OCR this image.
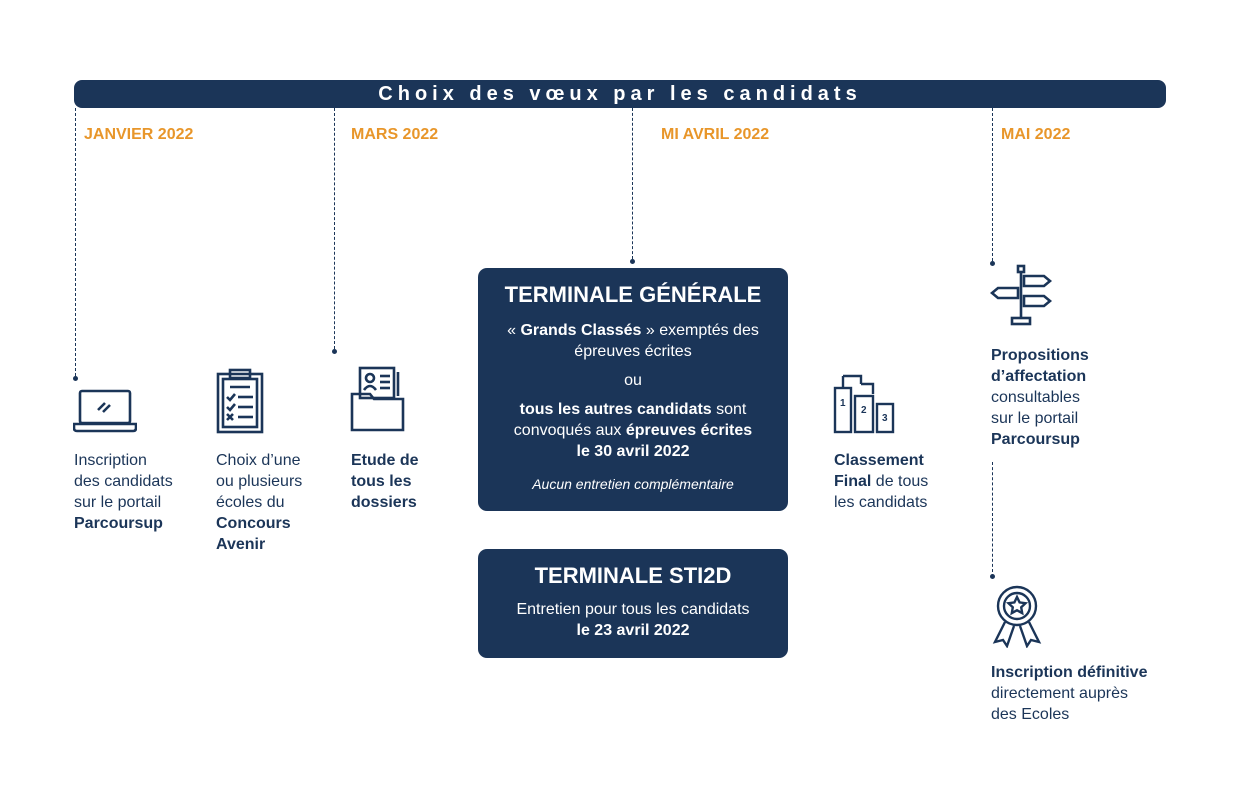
Choix des vœux par les candidats
JANVIER 2022	MARS 2022	MI AVRIL 2022	MAI 2022
1
2
3
Inscription
des candidats
sur le portail
Parcoursup
Choix d’une
ou plusieurs
écoles du
Concours
Avenir
Etude de
tous les
dossiers
Classement
Final de tous
les candidats
Propositions
d’affectation
consultables
sur le portail
Parcoursup
Inscription définitive
directement auprès
des Ecoles
TERMINALE GÉNÉRALE
« Grands Classés » exemptés des
épreuves écrites
ou
tous les autres candidats sont
convoqués aux épreuves écrites
le 30 avril 2022
Aucun entretien complémentaire
TERMINALE STI2D
Entretien pour tous les candidats
le 23 avril 2022
